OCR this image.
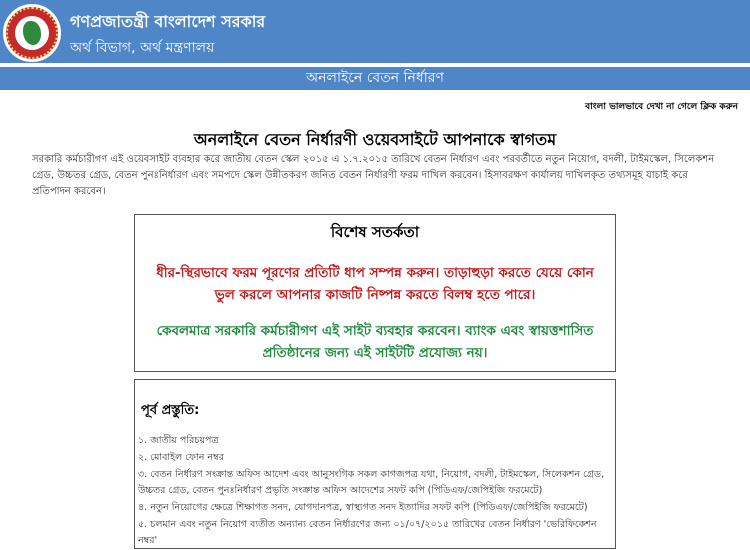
গণপ্রজাতন্ত্রী বাংলাদেশ সরকার
অর্থ বিভাগ, অর্থ মন্ত্রণালয়
অনলাইনে বেতন নির্ধারণ
বাংলা ভালভাবে দেখা না গেলে ক্লিক করুন
অনলাইনে বেতন নির্ধারণী ওয়েবসাইটে আপনাকে স্বাগতম
সরকারি কর্মচারীগণ এই ওয়েবসাইট ব্যবহার করে জাতীয় বেতন স্কেল ২০১৫ এ ১.৭.২০১৫ তারিখে বেতন নির্ধারণ এবং পরবর্তীতে নতুন নিয়োগ, বদলী, টাইমস্কেল, সিলেকশন গ্রেড, উচ্চতর গ্রেড, বেতন পুনঃনির্ধারণ এবং সমপদে স্কেল উন্নীতকরণ জনিত বেতন নির্ধারণী ফরম দাখিল করবেন। হিসাবরক্ষণ কার্যালয় দাখিলকৃত তথ্যসমূহ যাচাই করে প্রতিপাদন করবেন।
বিশেষ সতর্কতা
ধীর-স্থিরভাবে ফরম পূরণের প্রতিটি ধাপ সম্পন্ন করুন। তাড়াহুড়া করতে যেয়ে কোন ভুল করলে আপনার কাজটি নিষ্পন্ন করতে বিলম্ব হতে পারে।
কেবলমাত্র সরকারি কর্মচারীগণ এই সাইট ব্যবহার করবেন। ব্যাংক এবং স্বায়ত্তশাসিত প্রতিষ্ঠানের জন্য এই সাইটটি প্রযোজ্য নয়।
পূর্ব প্রস্তুতি:
১. জাতীয় পরিচয়পত্র
২. মোবাইল ফোন নম্বর
৩. বেতন নির্ধারণ সংক্রান্ত অফিস আদেশ এবং আনুসংগিক সকল কাগজপত্র যথা, নিয়োগ, বদলী, টাইমস্কেল, সিলেকশন গ্রেড, উচ্চতর গ্রেড, বেতন পুনঃনির্ধারণ প্রভৃতি সংক্রান্ত অফিস আদেশের সফট কপি (পিডিএফ/জেপিইজি ফরমেটে)
৪. নতুন নিয়োগের ক্ষেত্রে শিক্ষাগত সনদ, যোগদানপত্র, স্বাস্থ্যগত সনদ ইত্যাদির সফট কপি (পিডিএফ/জেপিইজি ফরমেটে)
৫. চলমান এবং নতুন নিয়োগ ব্যতীত অন্যান্য বেতন নির্ধারণের জন্য ০১/০৭/২০১৫ তারিখের বেতন নির্ধারণ 'ভেরিফিকেশন নম্বর'
